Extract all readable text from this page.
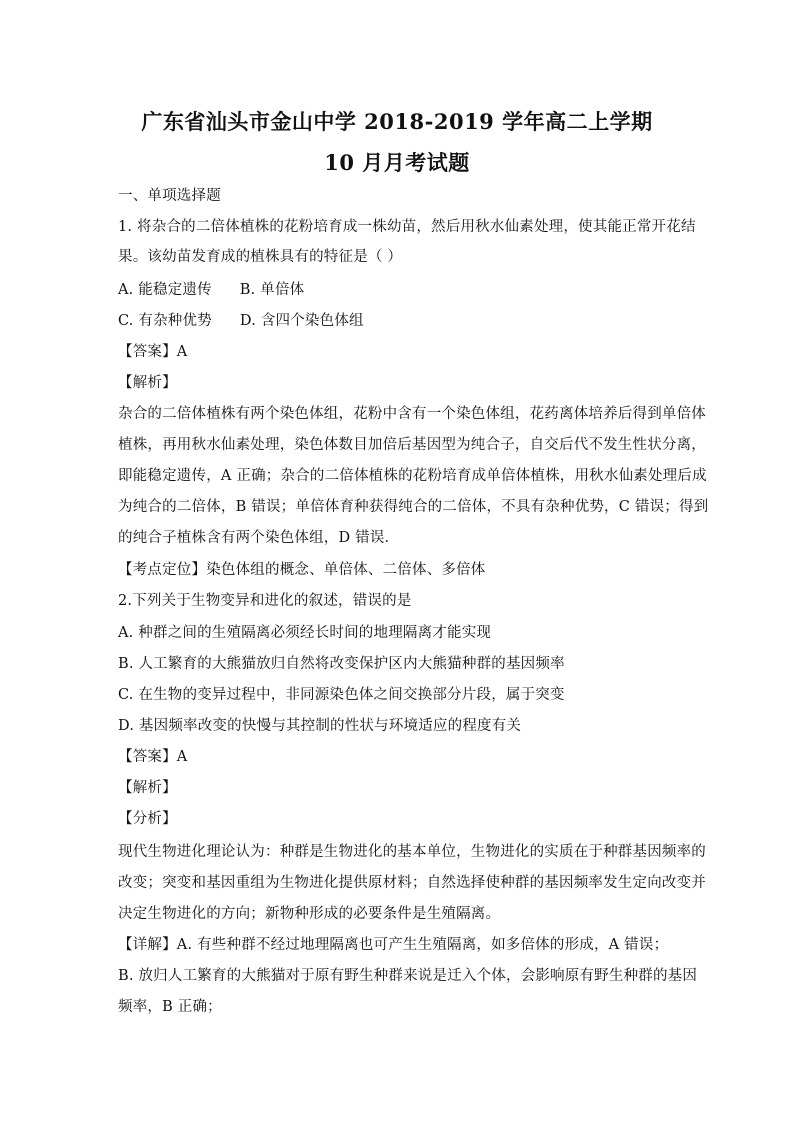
广东省汕头市金山中学 2018-2019 学年高二上学期
10 月月考试题
一、单项选择题
1. 将杂合的二倍体植株的花粉培育成一株幼苗，然后用秋水仙素处理，使其能正常开花结
果。该幼苗发育成的植株具有的特征是（ ）
A. 能稳定遗传 B. 单倍体
C. 有杂种优势 D. 含四个染色体组
【答案】A
【解析】
杂合的二倍体植株有两个染色体组，花粉中含有一个染色体组，花药离体培养后得到单倍体
植株，再用秋水仙素处理，染色体数目加倍后基因型为纯合子，自交后代不发生性状分离，
即能稳定遗传，A 正确；杂合的二倍体植株的花粉培育成单倍体植株，用秋水仙素处理后成
为纯合的二倍体，B 错误；单倍体育种获得纯合的二倍体，不具有杂种优势，C 错误；得到
的纯合子植株含有两个染色体组，D 错误．
【考点定位】染色体组的概念、单倍体、二倍体、多倍体
2.下列关于生物变异和进化的叙述，错误的是
A. 种群之间的生殖隔离必须经长时间的地理隔离才能实现
B. 人工繁育的大熊猫放归自然将改变保护区内大熊猫种群的基因频率
C. 在生物的变异过程中，非同源染色体之间交换部分片段，属于突变
D. 基因频率改变的快慢与其控制的性状与环境适应的程度有关
【答案】A
【解析】
【分析】
现代生物进化理论认为：种群是生物进化的基本单位，生物进化的实质在于种群基因频率的
改变；突变和基因重组为生物进化提供原材料；自然选择使种群的基因频率发生定向改变并
决定生物进化的方向；新物种形成的必要条件是生殖隔离。
【详解】A. 有些种群不经过地理隔离也可产生生殖隔离，如多倍体的形成，A 错误；
B. 放归人工繁育的大熊猫对于原有野生种群来说是迁入个体，会影响原有野生种群的基因
频率，B 正确；
